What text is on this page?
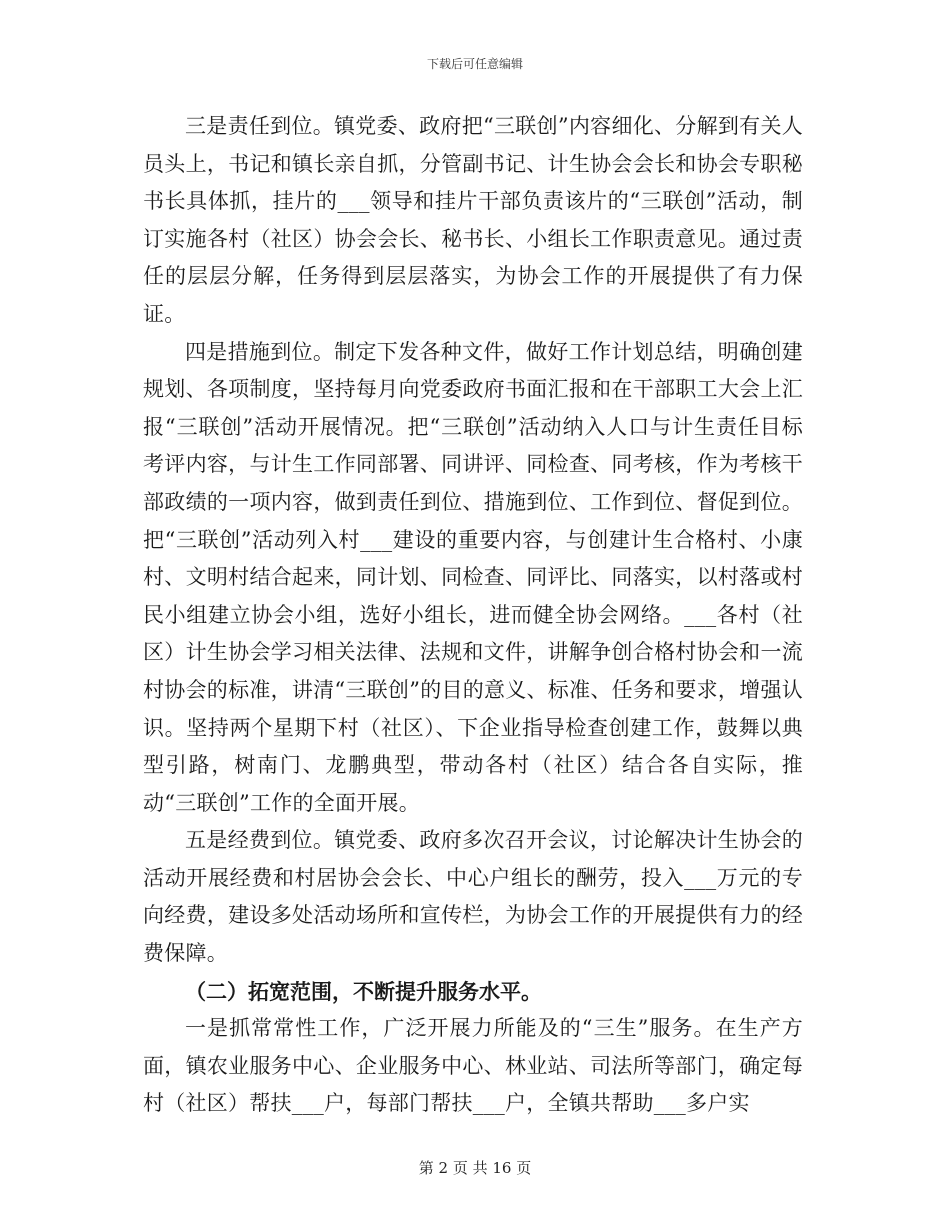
下载后可任意编辑

三是责任到位。镇党委、政府把“三联创”内容细化、分解到有关人员头上，书记和镇长亲自抓，分管副书记、计生协会会长和协会专职秘书长具体抓，挂片的___领导和挂片干部负责该片的“三联创”活动，制订实施各村（社区）协会会长、秘书长、小组长工作职责意见。通过责任的层层分解，任务得到层层落实，为协会工作的开展提供了有力保证。

四是措施到位。制定下发各种文件，做好工作计划总结，明确创建规划、各项制度，坚持每月向党委政府书面汇报和在干部职工大会上汇报“三联创”活动开展情况。把“三联创”活动纳入人口与计生责任目标考评内容，与计生工作同部署、同讲评、同检查、同考核，作为考核干部政绩的一项内容，做到责任到位、措施到位、工作到位、督促到位。把“三联创”活动列入村___建设的重要内容，与创建计生合格村、小康村、文明村结合起来，同计划、同检查、同评比、同落实，以村落或村民小组建立协会小组，选好小组长，进而健全协会网络。___各村（社区）计生协会学习相关法律、法规和文件，讲解争创合格村协会和一流村协会的标准，讲清“三联创”的目的意义、标准、任务和要求，增强认识。坚持两个星期下村（社区）、下企业指导检查创建工作，鼓舞以典型引路，树南门、龙鹏典型，带动各村（社区）结合各自实际，推动“三联创”工作的全面开展。

五是经费到位。镇党委、政府多次召开会议，讨论解决计生协会的活动开展经费和村居协会会长、中心户组长的酬劳，投入___万元的专向经费，建设多处活动场所和宣传栏，为协会工作的开展提供有力的经费保障。

（二）拓宽范围，不断提升服务水平。

一是抓常常性工作，广泛开展力所能及的“三生”服务。在生产方面，镇农业服务中心、企业服务中心、林业站、司法所等部门，确定每村（社区）帮扶___户，每部门帮扶___户，全镇共帮助___多户实

第 2 页 共 16 页
